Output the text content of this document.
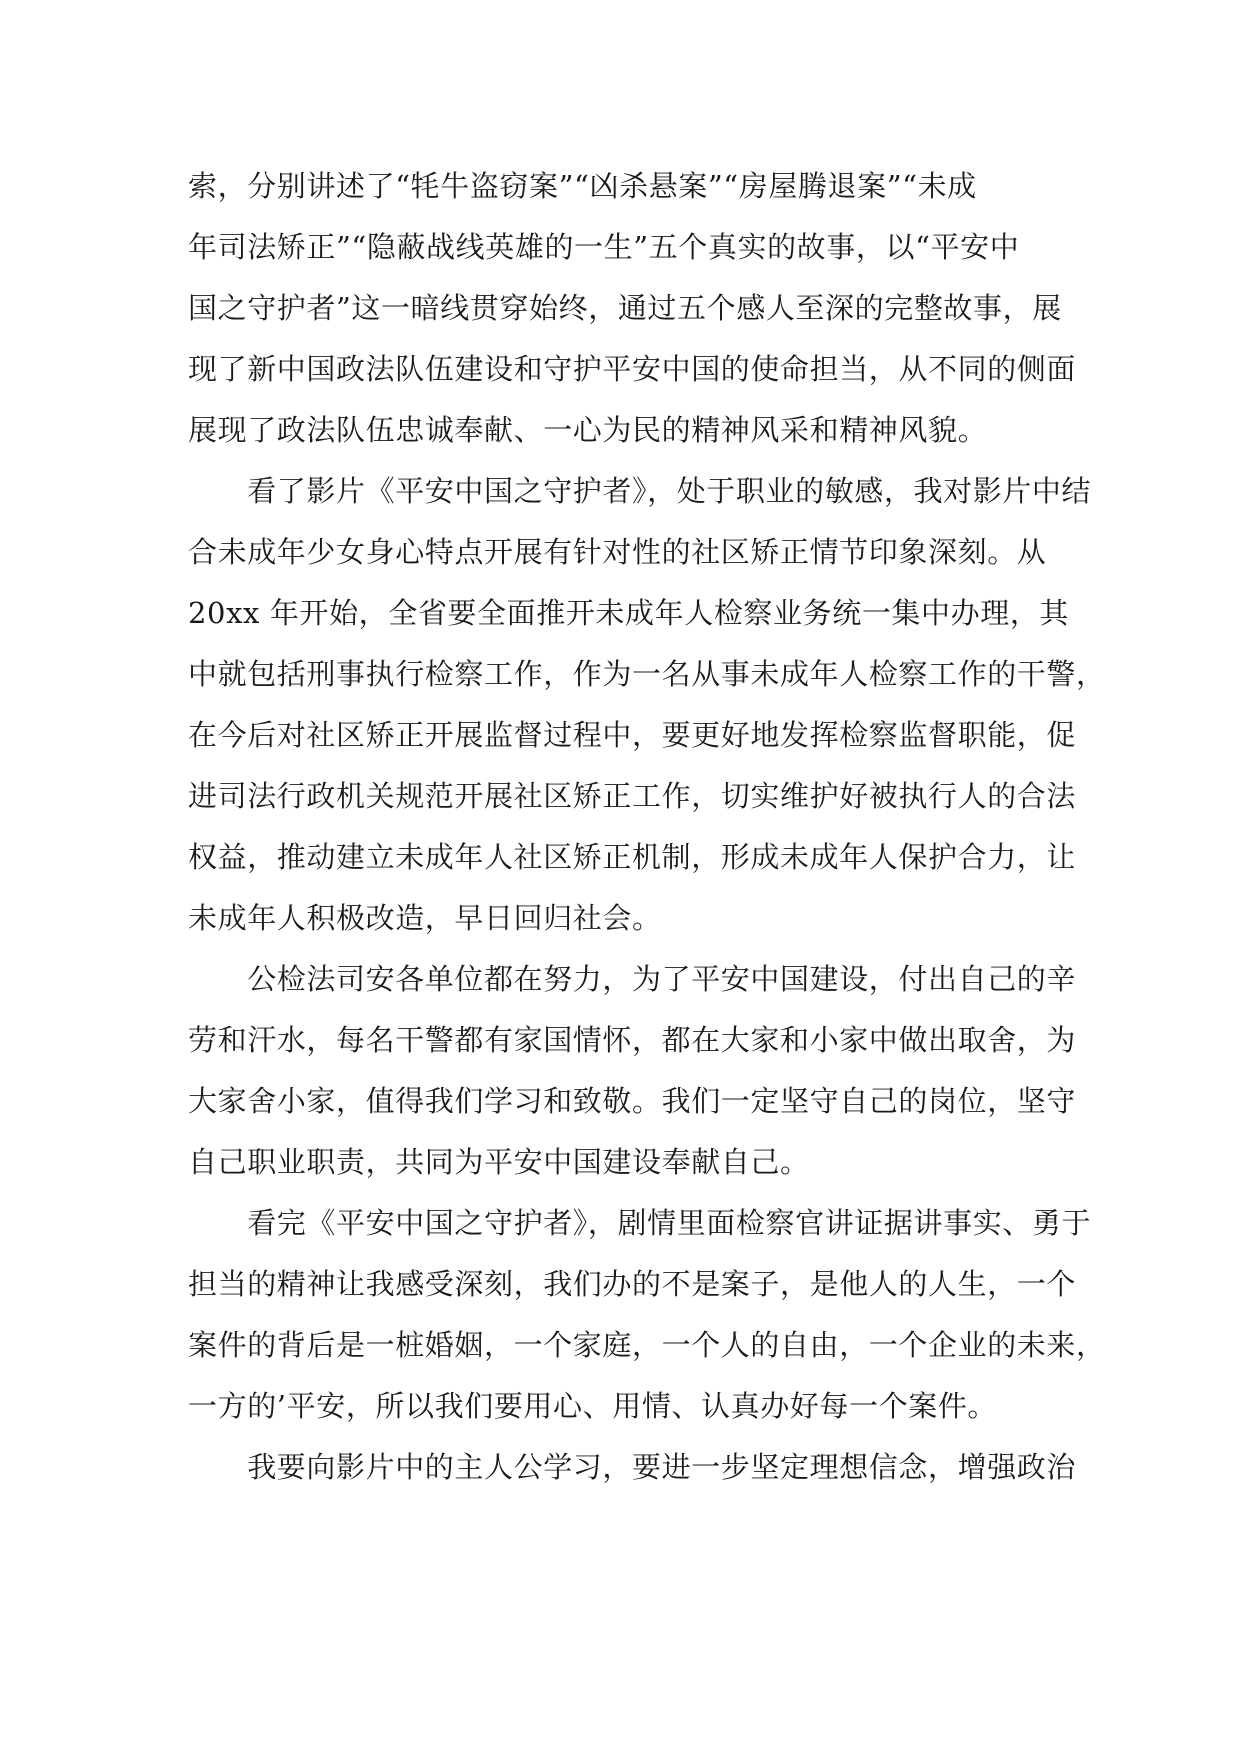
索，分别讲述了“牦牛盗窃案”“凶杀悬案”“房屋腾退案”“未成
年司法矫正”“隐蔽战线英雄的一生”五个真实的故事，以“平安中
国之守护者”这一暗线贯穿始终，通过五个感人至深的完整故事，展
现了新中国政法队伍建设和守护平安中国的使命担当，从不同的侧面
展现了政法队伍忠诚奉献、一心为民的精神风采和精神风貌。
　　看了影片《平安中国之守护者》，处于职业的敏感，我对影片中结
合未成年少女身心特点开展有针对性的社区矫正情节印象深刻。从
20xx 年开始，全省要全面推开未成年人检察业务统一集中办理，其
中就包括刑事执行检察工作，作为一名从事未成年人检察工作的干警，
在今后对社区矫正开展监督过程中，要更好地发挥检察监督职能，促
进司法行政机关规范开展社区矫正工作，切实维护好被执行人的合法
权益，推动建立未成年人社区矫正机制，形成未成年人保护合力，让
未成年人积极改造，早日回归社会。
　　公检法司安各单位都在努力，为了平安中国建设，付出自己的辛
劳和汗水，每名干警都有家国情怀，都在大家和小家中做出取舍，为
大家舍小家，值得我们学习和致敬。我们一定坚守自己的岗位，坚守
自己职业职责，共同为平安中国建设奉献自己。
　　看完《平安中国之守护者》，剧情里面检察官讲证据讲事实、勇于
担当的精神让我感受深刻，我们办的不是案子，是他人的人生，一个
案件的背后是一桩婚姻，一个家庭，一个人的自由，一个企业的未来，
一方的’平安，所以我们要用心、用情、认真办好每一个案件。
　　我要向影片中的主人公学习，要进一步坚定理想信念，增强政治
